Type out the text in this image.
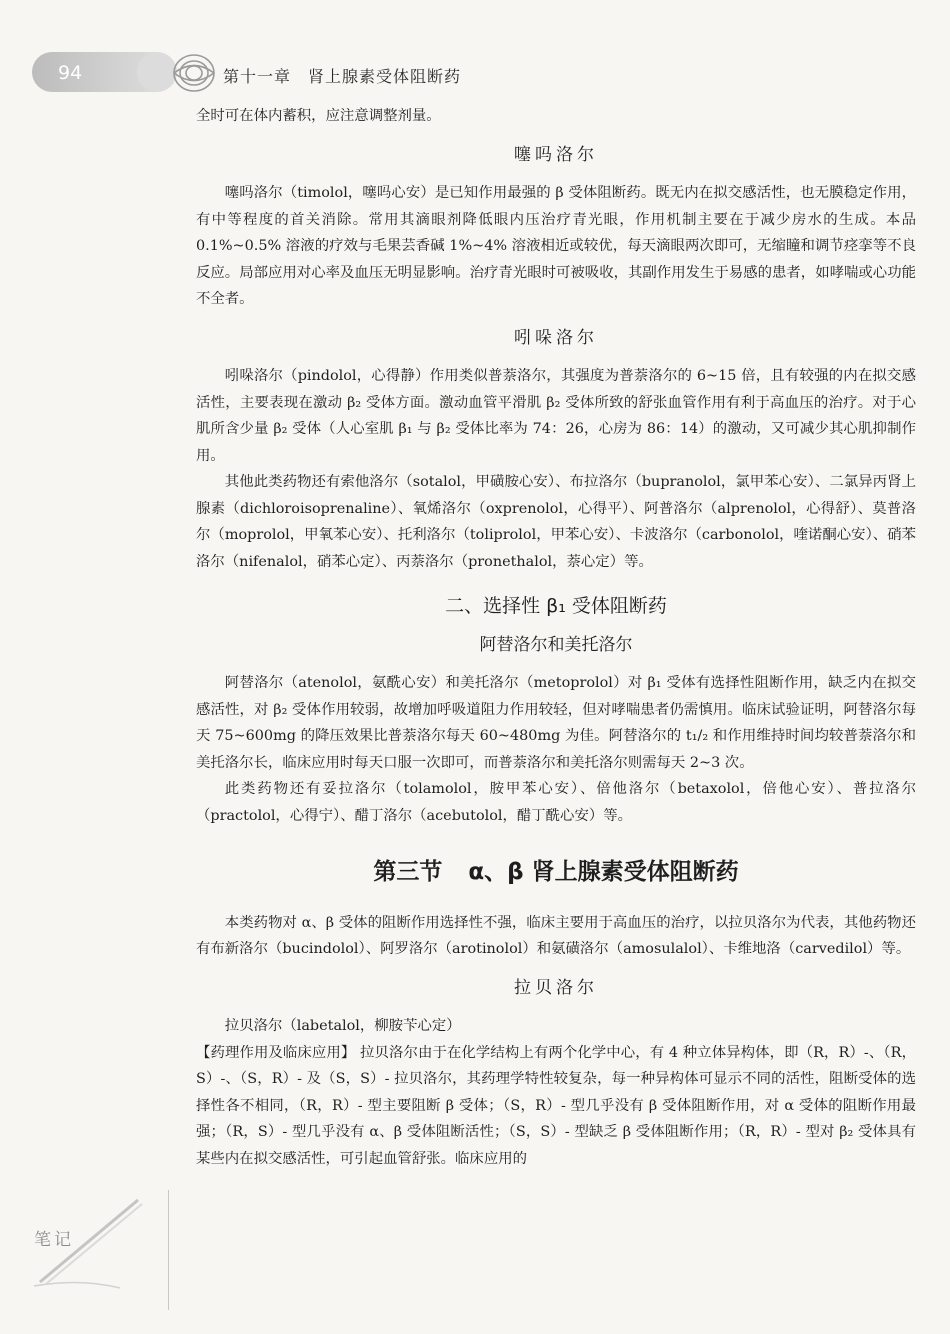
94	第十一章　肾上腺素受体阻断药

全时可在体内蓄积，应注意调整剂量。

噻吗洛尔

噻吗洛尔（timolol，噻吗心安）是已知作用最强的 β 受体阻断药。既无内在拟交感活性，也无膜稳定作用，有中等程度的首关消除。常用其滴眼剂降低眼内压治疗青光眼，作用机制主要在于减少房水的生成。本品 0.1%~0.5% 溶液的疗效与毛果芸香碱 1%~4% 溶液相近或较优，每天滴眼两次即可，无缩瞳和调节痉挛等不良反应。局部应用对心率及血压无明显影响。治疗青光眼时可被吸收，其副作用发生于易感的患者，如哮喘或心功能不全者。

吲哚洛尔

吲哚洛尔（pindolol，心得静）作用类似普萘洛尔，其强度为普萘洛尔的 6~15 倍，且有较强的内在拟交感活性，主要表现在激动 β₂ 受体方面。激动血管平滑肌 β₂ 受体所致的舒张血管作用有利于高血压的治疗。对于心肌所含少量 β₂ 受体（人心室肌 β₁ 与 β₂ 受体比率为 74：26，心房为 86：14）的激动，又可减少其心肌抑制作用。

其他此类药物还有索他洛尔（sotalol，甲磺胺心安）、布拉洛尔（bupranolol，氯甲苯心安）、二氯异丙肾上腺素（dichloroisoprenaline）、氧烯洛尔（oxprenolol，心得平）、阿普洛尔（alprenolol，心得舒）、莫普洛尔（moprolol，甲氧苯心安）、托利洛尔（toliprolol，甲苯心安）、卡波洛尔（carbonolol，喹诺酮心安）、硝苯洛尔（nifenalol，硝苯心定）、丙萘洛尔（pronethalol，萘心定）等。

二、选择性 β₁ 受体阻断药
阿替洛尔和美托洛尔

阿替洛尔（atenolol，氨酰心安）和美托洛尔（metoprolol）对 β₁ 受体有选择性阻断作用，缺乏内在拟交感活性，对 β₂ 受体作用较弱，故增加呼吸道阻力作用较轻，但对哮喘患者仍需慎用。临床试验证明，阿替洛尔每天 75~600mg 的降压效果比普萘洛尔每天 60~480mg 为佳。阿替洛尔的 t₁/₂ 和作用维持时间均较普萘洛尔和美托洛尔长，临床应用时每天口服一次即可，而普萘洛尔和美托洛尔则需每天 2~3 次。

此类药物还有妥拉洛尔（tolamolol，胺甲苯心安）、倍他洛尔（betaxolol，倍他心安）、普拉洛尔（practolol，心得宁）、醋丁洛尔（acebutolol，醋丁酰心安）等。

第三节 α、β 肾上腺素受体阻断药

本类药物对 α、β 受体的阻断作用选择性不强，临床主要用于高血压的治疗，以拉贝洛尔为代表，其他药物还有布新洛尔（bucindolol）、阿罗洛尔（arotinolol）和氨磺洛尔（amosulalol）、卡维地洛（carvedilol）等。

拉贝洛尔

拉贝洛尔（labetalol，柳胺苄心定）

【药理作用及临床应用】 拉贝洛尔由于在化学结构上有两个化学中心，有 4 种立体异构体，即（R，R）-、（R，S）-、（S，R）- 及（S，S）- 拉贝洛尔，其药理学特性较复杂，每一种异构体可显示不同的活性，阻断受体的选择性各不相同，（R，R）- 型主要阻断 β 受体；（S，R）- 型几乎没有 β 受体阻断作用，对 α 受体的阻断作用最强；（R，S）- 型几乎没有 α、β 受体阻断活性；（S，S）- 型缺乏 β 受体阻断作用；（R，R）- 型对 β₂ 受体具有某些内在拟交感活性，可引起血管舒张。临床应用的

笔记
